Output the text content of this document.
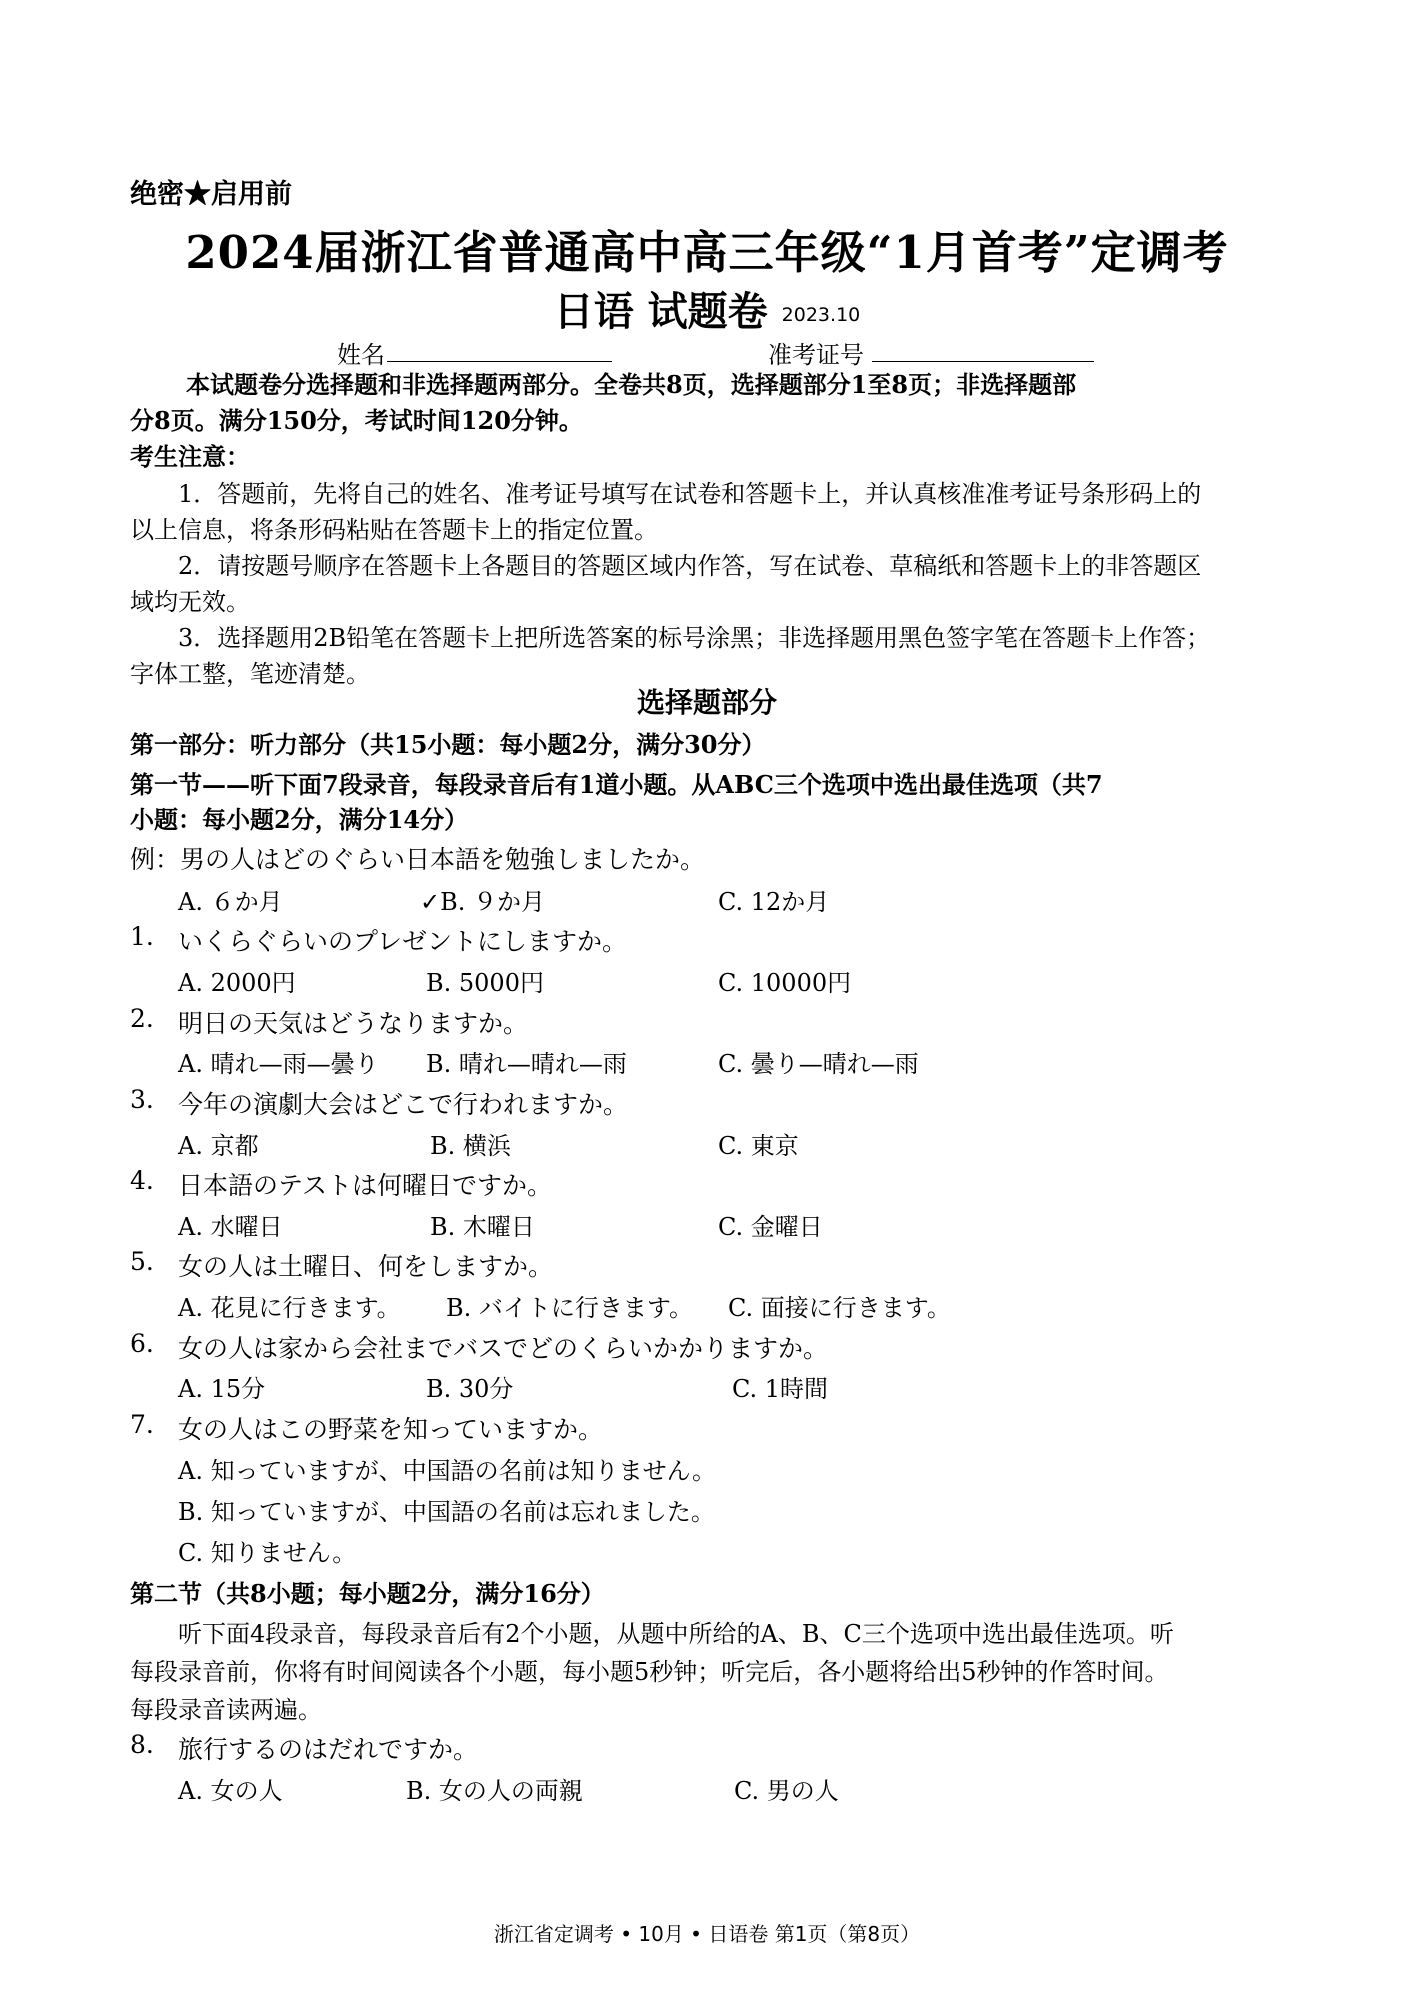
绝密★启用前
2024届浙江省普通高中高三年级“1月首考”定调考
日语 试题卷 2023.10
姓名	准考证号
本试题卷分选择题和非选择题两部分。全卷共8页，选择题部分1至8页；非选择题部
分8页。满分150分，考试时间120分钟。
考生注意：
1．答题前，先将自己的姓名、准考证号填写在试卷和答题卡上，并认真核准准考证号条形码上的
以上信息，将条形码粘贴在答题卡上的指定位置。
2．请按题号顺序在答题卡上各题目的答题区域内作答，写在试卷、草稿纸和答题卡上的非答题区
域均无效。
3．选择题用2B铅笔在答题卡上把所选答案的标号涂黑；非选择题用黑色签字笔在答题卡上作答；
字体工整，笔迹清楚。
选择题部分
第一部分：听力部分（共15小题：每小题2分，满分30分）
第一节——听下面7段录音，每段录音后有1道小题。从ABC三个选项中选出最佳选项（共7
小题：每小题2分，满分14分）
例：男の人はどのぐらい日本語を勉強しましたか。
A. ６か月	✓B. ９か月	C. 12か月
1. いくらぐらいのプレゼントにしますか。
A. 2000円	B. 5000円	C. 10000円
2. 明日の天気はどうなりますか。
A. 晴れ—雨—曇り B. 晴れ—晴れ—雨	C. 曇り—晴れ—雨
3. 今年の演劇大会はどこで行われますか。
A. 京都	B. 横浜	C. 東京
4. 日本語のテストは何曜日ですか。
A. 水曜日	B. 木曜日	C. 金曜日
5. 女の人は土曜日、何をしますか。
A. 花見に行きます。 B. バイトに行きます。 C. 面接に行きます。
6. 女の人は家から会社までバスでどのくらいかかりますか。
A. 15分	B. 30分	C. 1時間
7. 女の人はこの野菜を知っていますか。
A. 知っていますが、中国語の名前は知りません。
B. 知っていますが、中国語の名前は忘れました。
C. 知りません。
第二节（共8小题；每小题2分，满分16分）
听下面4段录音，每段录音后有2个小题，从题中所给的A、B、C三个选项中选出最佳选项。听
每段录音前，你将有时间阅读各个小题，每小题5秒钟；听完后，各小题将给出5秒钟的作答时间。
每段录音读两遍。
8. 旅行するのはだれですか。
A. 女の人	B. 女の人の両親	C. 男の人
浙江省定调考 • 10月 • 日语卷 第1页（第8页）
